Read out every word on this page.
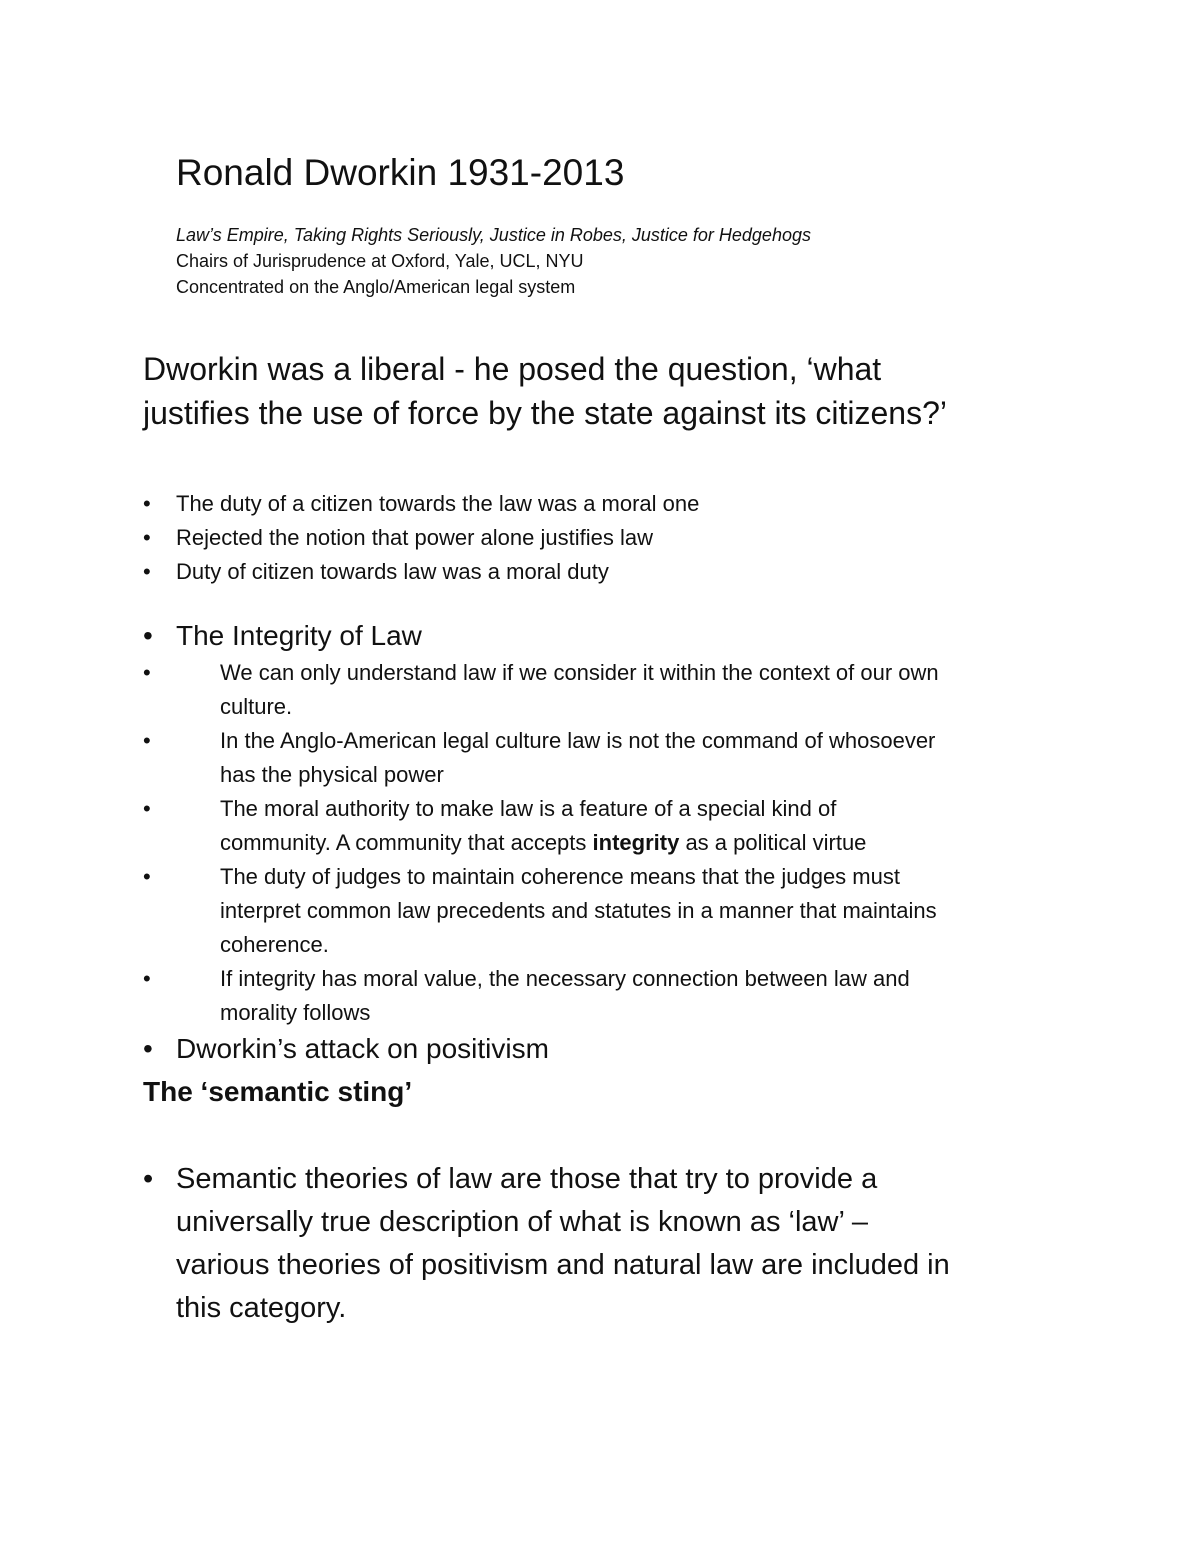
Ronald Dworkin 1931-2013
Law’s Empire, Taking Rights Seriously, Justice in Robes, Justice for Hedgehogs
Chairs of Jurisprudence at Oxford, Yale, UCL, NYU
Concentrated on the Anglo/American legal system
Dworkin was a liberal - he posed the question, ‘what
justifies the use of force by the state against its citizens?’
• The duty of a citizen towards the law was a moral one
• Rejected the notion that power alone justifies law
• Duty of citizen towards law was a moral duty
• The Integrity of Law
•	We can only understand law if we consider it within the context of our own
culture.
•	In the Anglo-American legal culture law is not the command of whosoever
has the physical power
•	The moral authority to make law is a feature of a special kind of
community. A community that accepts integrity as a political virtue
•	The duty of judges to maintain coherence means that the judges must
interpret common law precedents and statutes in a manner that maintains
coherence.
•	If integrity has moral value, the necessary connection between law and
morality follows
• Dworkin’s attack on positivism
The ‘semantic sting’
• Semantic theories of law are those that try to provide a
universally true description of what is known as ‘law’ –
various theories of positivism and natural law are included in
this category.
